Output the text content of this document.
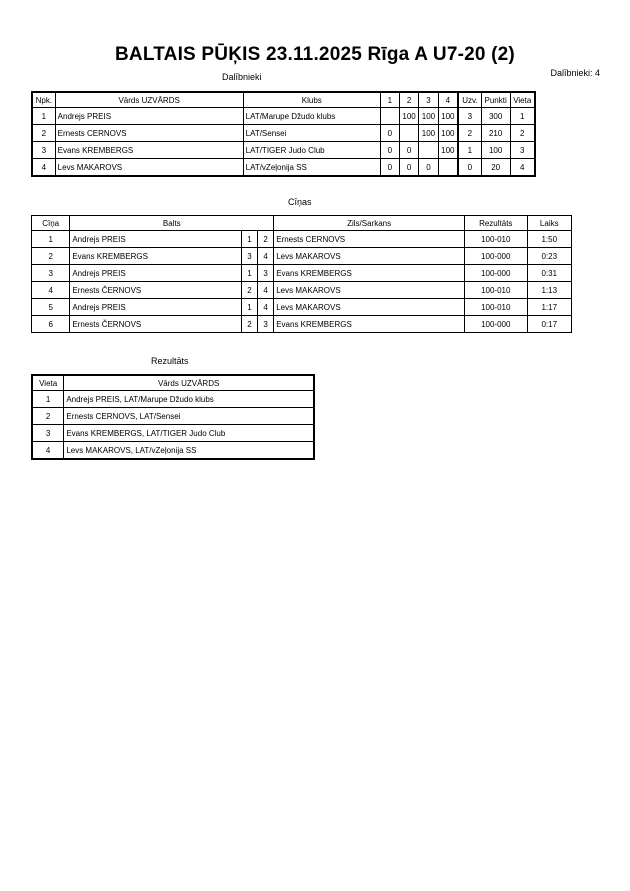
BALTAIS PŪĶIS 23.11.2025 Rīga A U7-20 (2)
Dalībnieki: 4
Dalībnieki
Npk.	Vārds UZVĀRDS	Klubs	1	2	3	4	Uzv.	Punkti	Vieta
1	Andrejs PREIS	LAT/Marupe Džudo klubs		100	100	100	3	300	1
2	Ernests CERNOVS	LAT/Sensei	0		100	100	2	210	2
3	Evans KREMBERGS	LAT/TIGER Judo Club	0	0		100	1	100	3
4	Levs MAKAROVS	LAT/vZeļonija SS	0	0	0		0	20	4
Cīņas
Cīņa	Balts			Zils/Sarkans	Rezultāts	Laiks
1	Andrejs PREIS	1	2	Ernests CERNOVS	100-010	1:50
2	Evans KREMBERGS	3	4	Levs MAKAROVS	100-000	0:23
3	Andrejs PREIS	1	3	Evans KREMBERGS	100-000	0:31
4	Ernests ČERNOVS	2	4	Levs MAKAROVS	100-010	1:13
5	Andrejs PREIS	1	4	Levs MAKAROVS	100-010	1:17
6	Ernests ČERNOVS	2	3	Evans KREMBERGS	100-000	0:17
Rezultāts
Vieta	Vārds UZVĀRDS
1	Andrejs PREIS, LAT/Marupe Džudo klubs
2	Ernests CERNOVS, LAT/Sensei
3	Evans KREMBERGS, LAT/TIGER Judo Club
4	Levs MAKAROVS, LAT/vZeļonija SS
